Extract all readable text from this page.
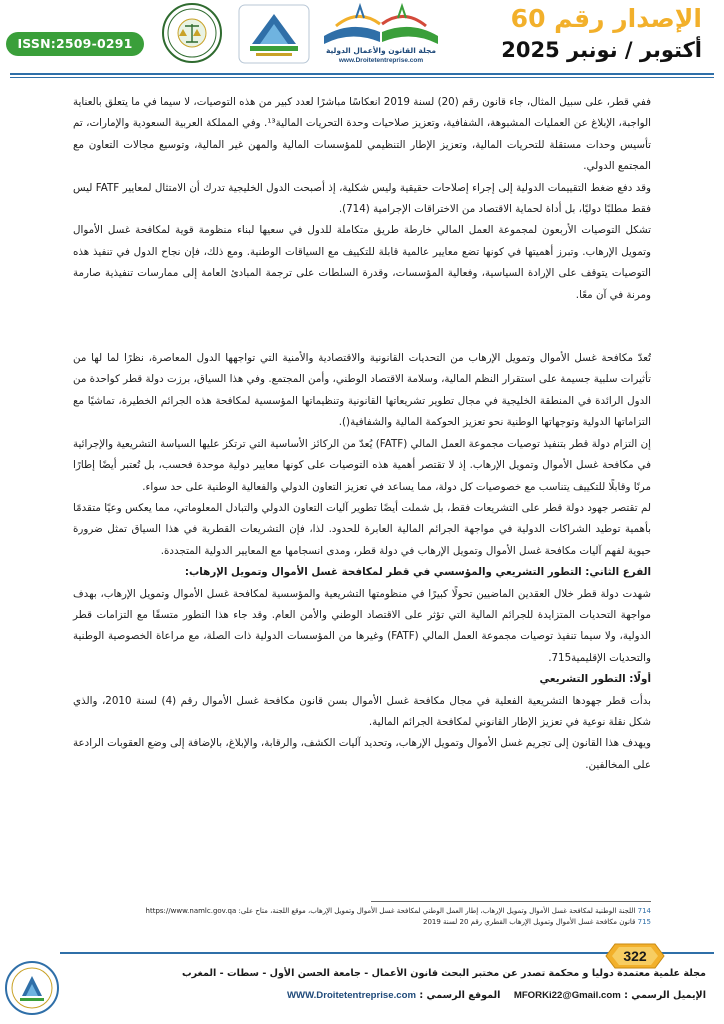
الإصدار رقم 60
أكتوبر / نونبر 2025
ISSN:2509-0291	مجلة القانون والأعمال الدولية
www.Droitetentreprise.com

ففي قطر، على سبيل المثال، جاء قانون رقم (20) لسنة 2019 انعكاسًا مباشرًا لعدد كبير من هذه التوصيات، لا سيما في ما يتعلق بالعناية الواجبة، الإبلاغ عن العمليات المشبوهة، الشفافية، وتعزيز صلاحيات وحدة التحريات المالية¹³. وفي المملكة العربية السعودية والإمارات، تم تأسيس وحدات مستقلة للتحريات المالية، وتعزيز الإطار التنظيمي للمؤسسات المالية والمهن غير المالية، وتوسيع مجالات التعاون مع المجتمع الدولي.

وقد دفع ضغط التقييمات الدولية إلى إجراء إصلاحات حقيقية وليس شكلية، إذ أصبحت الدول الخليجية تدرك أن الامتثال لمعايير FATF ليس فقط مطلبًا دوليًا، بل أداة لحماية الاقتصاد من الاختراقات الإجرامية (714).

تشكل التوصيات الأربعون لمجموعة العمل المالي خارطة طريق متكاملة للدول في سعيها لبناء منظومة قوية لمكافحة غسل الأموال وتمويل الإرهاب. وتبرز أهميتها في كونها تضع معايير عالمية قابلة للتكييف مع السياقات الوطنية. ومع ذلك، فإن نجاح الدول في تنفيذ هذه التوصيات يتوقف على الإرادة السياسية، وفعالية المؤسسات، وقدرة السلطات على ترجمة المبادئ العامة إلى ممارسات تنفيذية صارمة ومرنة في آن معًا.

تُعدّ مكافحة غسل الأموال وتمويل الإرهاب من التحديات القانونية والاقتصادية والأمنية التي تواجهها الدول المعاصرة، نظرًا لما لها من تأثيرات سلبية جسيمة على استقرار النظم المالية، وسلامة الاقتصاد الوطني، وأمن المجتمع. وفي هذا السياق، برزت دولة قطر كواحدة من الدول الرائدة في المنطقة الخليجية في مجال تطوير تشريعاتها القانونية وتنظيماتها المؤسسية لمكافحة هذه الجرائم الخطيرة، تماشيًا مع التزاماتها الدولية وتوجهاتها الوطنية نحو تعزيز الحوكمة المالية والشفافية().

إن التزام دولة قطر بتنفيذ توصيات مجموعة العمل المالي (FATF) يُعدّ من الركائز الأساسية التي ترتكز عليها السياسة التشريعية والإجرائية في مكافحة غسل الأموال وتمويل الإرهاب. إذ لا تقتصر أهمية هذه التوصيات على كونها معايير دولية موحدة فحسب، بل تُعتبر أيضًا إطارًا مرنًا وقابلًا للتكييف يتناسب مع خصوصيات كل دولة، مما يساعد في تعزيز التعاون الدولي والفعالية الوطنية على حد سواء.

لم تقتصر جهود دولة قطر على التشريعات فقط، بل شملت أيضًا تطوير آليات التعاون الدولي والتبادل المعلوماتي، مما يعكس وعيًا متقدمًا بأهمية توطيد الشراكات الدولية في مواجهة الجرائم المالية العابرة للحدود. لذا، فإن التشريعات القطرية في هذا السياق تمثل ضرورة حيوية لفهم آليات مكافحة غسل الأموال وتمويل الإرهاب في دولة قطر، ومدى انسجامها مع المعايير الدولية المتجددة.

الفرع الثاني: التطور التشريعي والمؤسسي في قطر لمكافحة غسل الأموال وتمويل الإرهاب:

شهدت دولة قطر خلال العقدين الماضيين تحولًا كبيرًا في منظومتها التشريعية والمؤسسية لمكافحة غسل الأموال وتمويل الإرهاب، بهدف مواجهة التحديات المتزايدة للجرائم المالية التي تؤثر على الاقتصاد الوطني والأمن العام. وقد جاء هذا التطور متسقًا مع التزامات قطر الدولية، ولا سيما تنفيذ توصيات مجموعة العمل المالي (FATF) وغيرها من المؤسسات الدولية ذات الصلة، مع مراعاة الخصوصية الوطنية والتحديات الإقليمية715.

أولًا: التطور التشريعي

بدأت قطر جهودها التشريعية الفعلية في مجال مكافحة غسل الأموال بسن قانون مكافحة غسل الأموال رقم (4) لسنة 2010، والذي شكل نقلة نوعية في تعزيز الإطار القانوني لمكافحة الجرائم المالية.

ويهدف هذا القانون إلى تجريم غسل الأموال وتمويل الإرهاب، وتحديد آليات الكشف، والرقابة، والإبلاغ، بالإضافة إلى وضع العقوبات الرادعة على المخالفين.

714 اللجنة الوطنية لمكافحة غسل الأموال وتمويل الإرهاب، إطار العمل الوطني لمكافحة غسل الأموال وتمويل الإرهاب، موقع اللجنة، متاح على: https://www.namlc.gov.qa
715 قانون مكافحة غسل الأموال وتمويل الإرهاب القطري رقم 20 لسنة 2019
322
مجلة علمية معتمدة دوليا و محكمة تصدر عن مختبر البحث قانون الأعمال - جامعة الحسن الأول - سطات - المغرب
الإيميل الرسمي : MFORKi22@Gmail.com    الموقع الرسمي : WWW.Droitetentreprise.com
